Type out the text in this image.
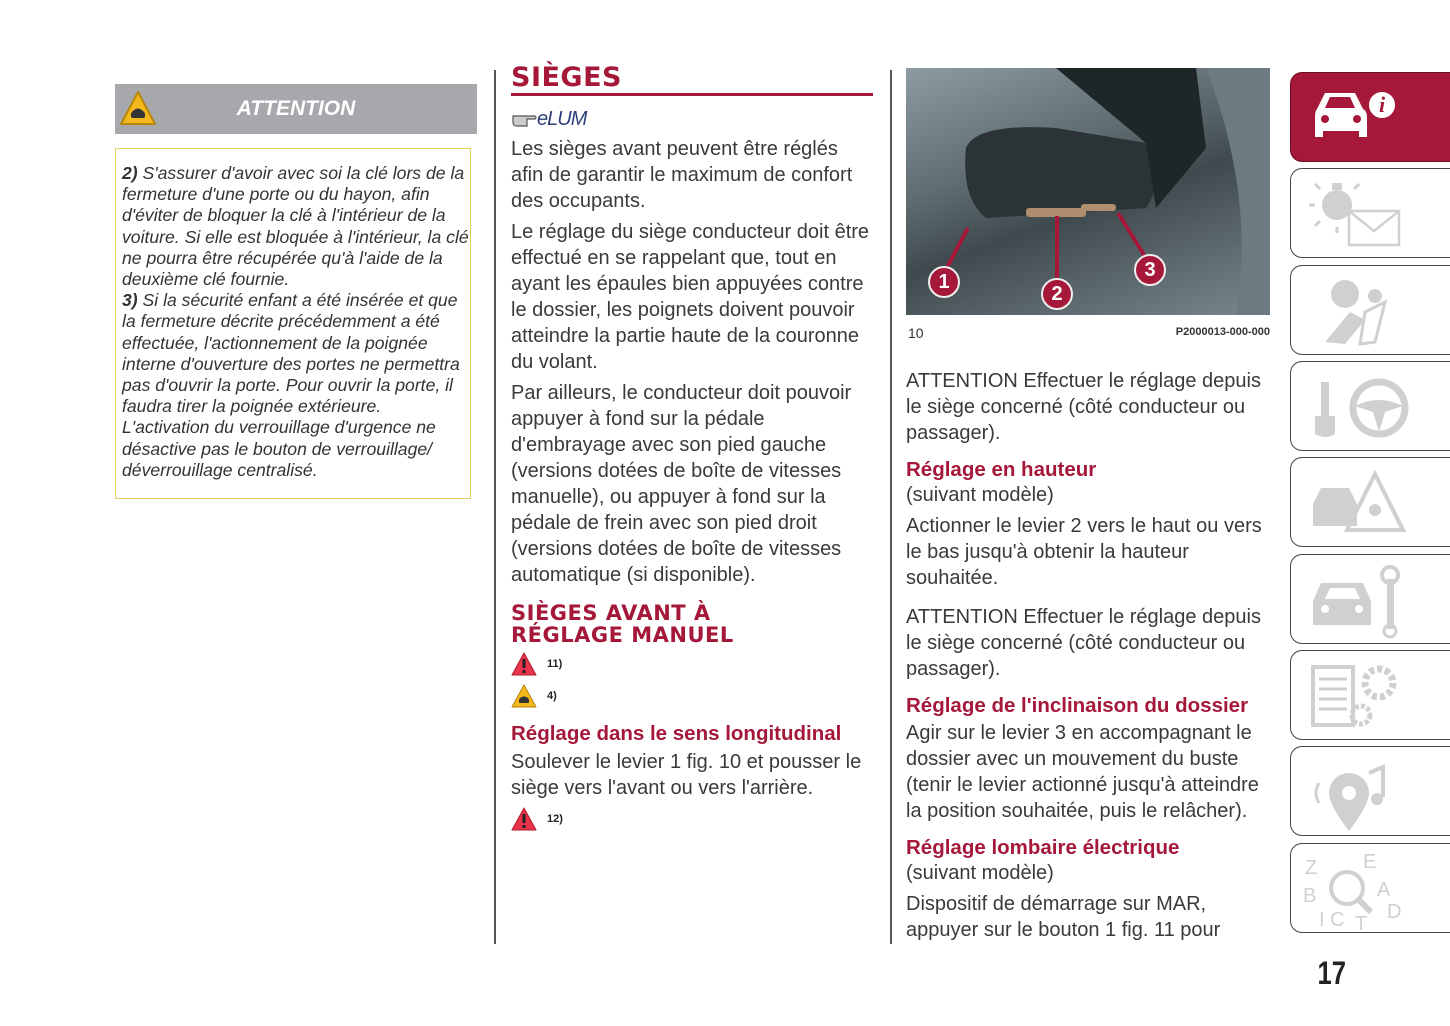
ATTENTION

2) S'assurer d'avoir avec soi la clé lors de la fermeture d'une porte ou du hayon, afin d'éviter de bloquer la clé à l'intérieur de la voiture. Si elle est bloquée à l'intérieur, la clé ne pourra être récupérée qu'à l'aide de la deuxième clé fournie.

3) Si la sécurité enfant a été insérée et que la fermeture décrite précédemment a été effectuée, l'actionnement de la poignée interne d'ouverture des portes ne permettra pas d'ouvrir la porte. Pour ouvrir la porte, il faudra tirer la poignée extérieure. L'activation du verrouillage d'urgence ne désactive pas le bouton de verrouillage/ déverrouillage centralisé.

SIÈGES
eLUM

Les sièges avant peuvent être réglés afin de garantir le maximum de confort des occupants.

Le réglage du siège conducteur doit être effectué en se rappelant que, tout en ayant les épaules bien appuyées contre le dossier, les poignets doivent pouvoir atteindre la partie haute de la couronne du volant.

Par ailleurs, le conducteur doit pouvoir appuyer à fond sur la pédale d'embrayage avec son pied gauche (versions dotées de boîte de vitesses manuelle), ou appuyer à fond sur la pédale de frein avec son pied droit (versions dotées de boîte de vitesses automatique (si disponible).

SIÈGES AVANT À
RÉGLAGE MANUEL
11)
4)

Réglage dans le sens longitudinal

Soulever le levier 1 fig. 10 et pousser le siège vers l'avant ou vers l'arrière.

12)
1
2
3
10	P2000013-000-000

ATTENTION Effectuer le réglage depuis le siège concerné (côté conducteur ou passager).

Réglage en hauteur

(suivant modèle)

Actionner le levier 2 vers le haut ou vers le bas jusqu'à obtenir la hauteur souhaitée.

ATTENTION Effectuer le réglage depuis le siège concerné (côté conducteur ou passager).

Réglage de l'inclinaison du dossier

Agir sur le levier 3 en accompagnant le dossier avec un mouvement du buste (tenir le levier actionné jusqu'à atteindre la position souhaitée, puis le relâcher).

Réglage lombaire électrique

(suivant modèle)

Dispositif de démarrage sur MAR, appuyer sur le bouton 1 fig. 11 pour

17
i
Z
B
I C
E
A
D
T
